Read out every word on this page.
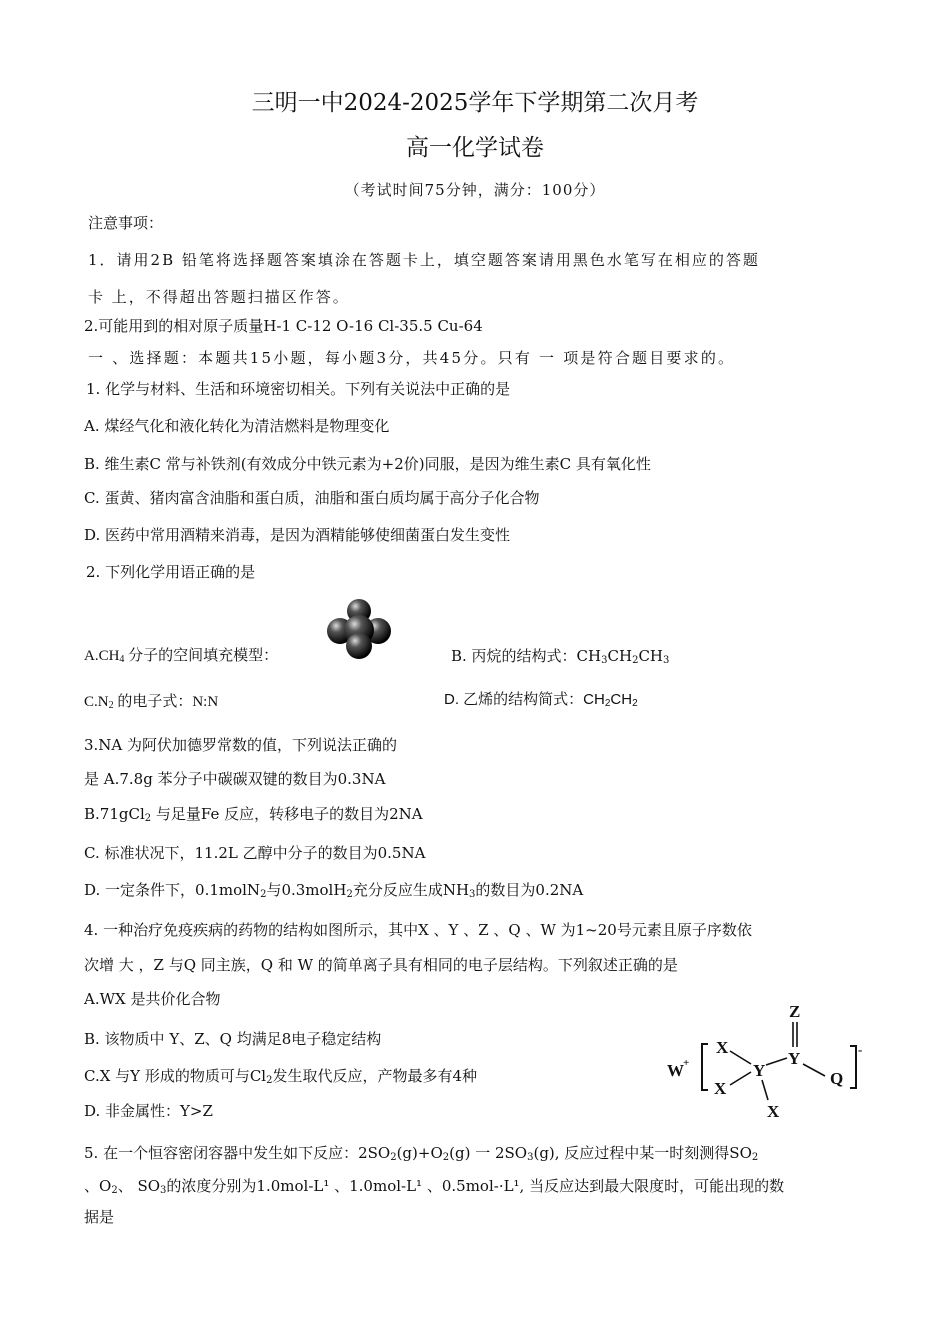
三明一中2024-2025学年下学期第二次月考
高一化学试卷
（考试时间75分钟，满分：100分）
注意事项：
1．请用2B 铅笔将选择题答案填涂在答题卡上，填空题答案请用黑色水笔写在相应的答题
卡 上，不得超出答题扫描区作答。
2.可能用到的相对原子质量H-1 C-12 O-16 Cl-35.5 Cu-64
一 、选择题：本题共15小题，每小题3分，共45分。只有 一 项是符合题目要求的。
1. 化学与材料、生活和环境密切相关。下列有关说法中正确的是
A. 煤经气化和液化转化为清洁燃料是物理变化
B. 维生素C 常与补铁剂(有效成分中铁元素为+2价)同服，是因为维生素C 具有氧化性
C. 蛋黄、猪肉富含油脂和蛋白质，油脂和蛋白质均属于高分子化合物
D. 医药中常用酒精来消毒，是因为酒精能够使细菌蛋白发生变性
2. 下列化学用语正确的是
$A.CH_4$ 分子的空间填充模型：	B. 丙烷的结构式：$CH_3CH_2CH_3$
$C.N_2$ 的电子式：N:N	D. 乙烯的结构简式：$CH_2CH_2$
3.NA 为阿伏加德罗常数的值，下列说法正确的
是 A.7.8g 苯分子中碳碳双键的数目为0.3NA
B.71gCl$_2$ 与足量Fe 反应，转移电子的数目为2NA
C. 标准状况下，11.2L 乙醇中分子的数目为0.5NA
D. 一定条件下，0.1molN$_2$与0.3molH$_2$充分反应生成$NH_3$的数目为0.2NA
4. 一种治疗免疫疾病的药物的结构如图所示，其中X 、Y 、Z 、Q 、W 为1~20号元素且原子序数依
次增 大 ，Z 与Q 同主族，Q 和 W 的简单离子具有相同的电子层结构。下列叙述正确的是
A.WX 是共价化合物
B. 该物质中 Y、Z、Q 均满足8电子稳定结构
C.X 与Y 形成的物质可与$Cl_2$发生取代反应，产物最多有4种
D. 非金属性：Y>Z
W +
X
X
Y
Y
Z
Q
X
-
5. 在一个恒容密闭容器中发生如下反应：$2SO_2(g)+O_2(g)$ 一 $2SO_3(g)$, 反应过程中某一时刻测得$SO_2$
、$O_2$、 $SO_3$的浓度分别为1.0mol-L¹ 、1.0mol-L¹ 、0.5mol-·L¹, 当反应达到最大限度时，可能出现的数
据是
